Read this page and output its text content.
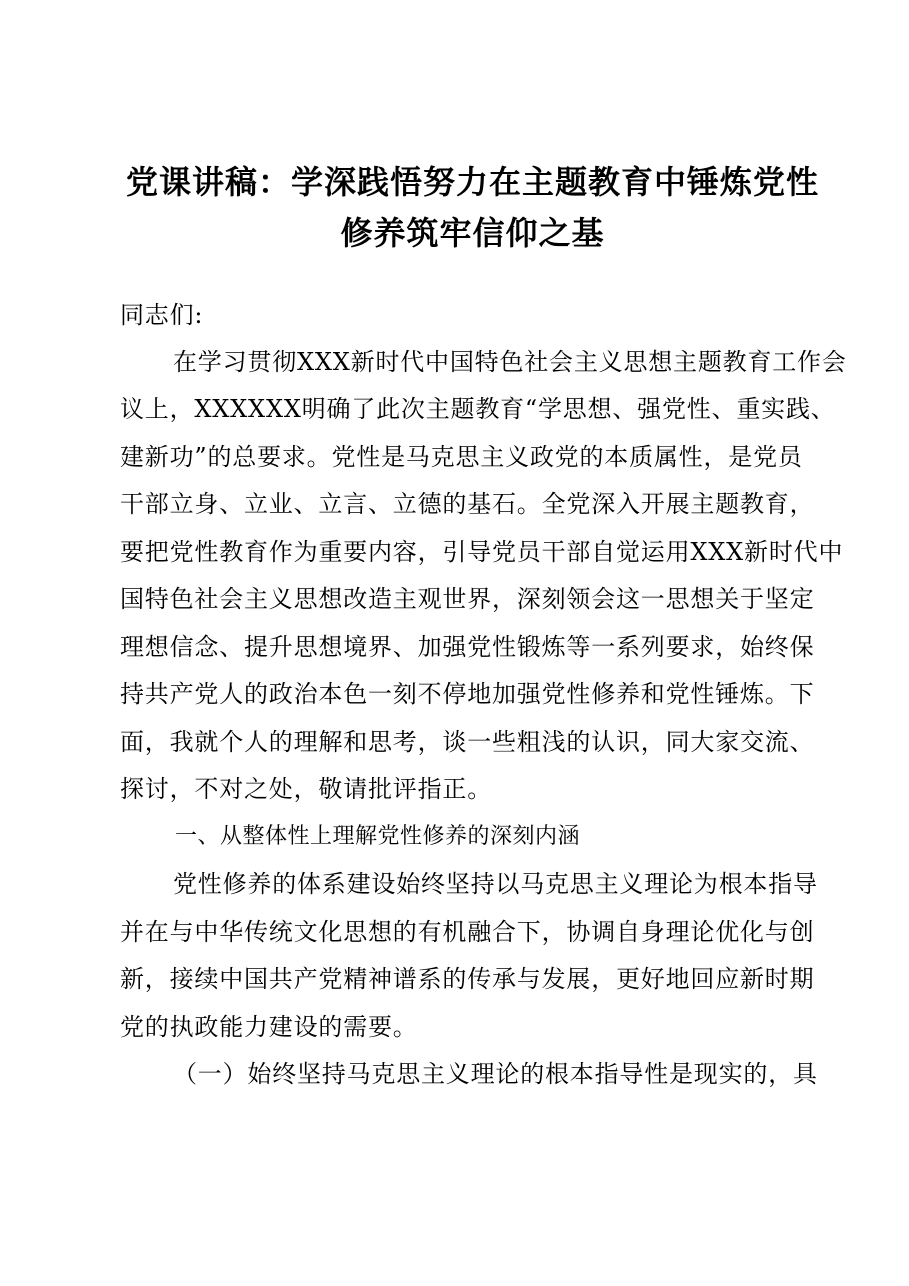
党课讲稿：学深践悟努力在主题教育中锤炼党性
修养筑牢信仰之基
同志们:
在学习贯彻XXX新时代中国特色社会主义思想主题教育工作会
议上，XXXXXX明确了此次主题教育“学思想、强党性、重实践、
建新功”的总要求。党性是马克思主义政党的本质属性，是党员
干部立身、立业、立言、立德的基石。全党深入开展主题教育，
要把党性教育作为重要内容，引导党员干部自觉运用XXX新时代中
国特色社会主义思想改造主观世界，深刻领会这一思想关于坚定
理想信念、提升思想境界、加强党性锻炼等一系列要求，始终保
持共产党人的政治本色一刻不停地加强党性修养和党性锤炼。下
面，我就个人的理解和思考，谈一些粗浅的认识，同大家交流、
探讨，不对之处，敬请批评指正。
一、从整体性上理解党性修养的深刻内涵
党性修养的体系建设始终坚持以马克思主义理论为根本指导
并在与中华传统文化思想的有机融合下，协调自身理论优化与创
新，接续中国共产党精神谱系的传承与发展，更好地回应新时期
党的执政能力建设的需要。
（一）始终坚持马克思主义理论的根本指导性是现实的，具
